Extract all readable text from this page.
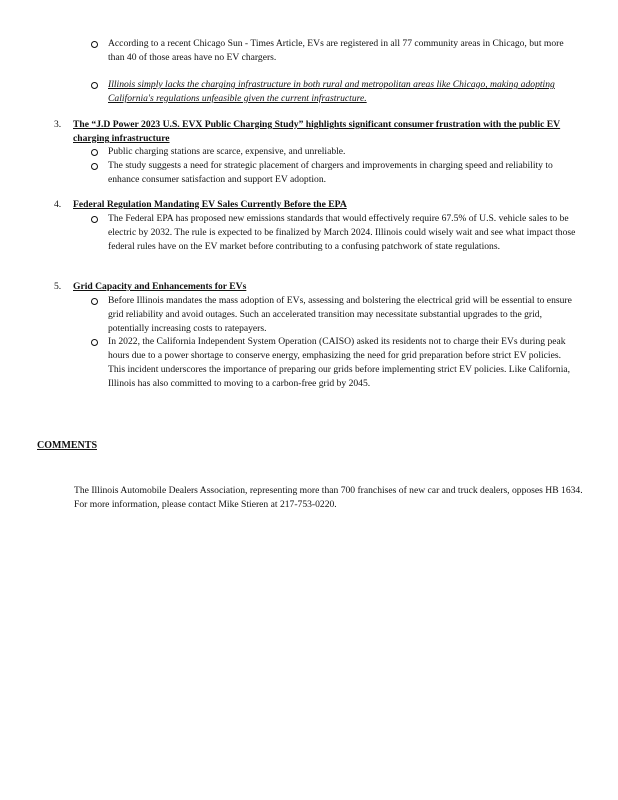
According to a recent Chicago Sun - Times Article, EVs are registered in all 77 community areas in Chicago, but more than 40 of those areas have no EV chargers.
Illinois simply lacks the charging infrastructure in both rural and metropolitan areas like Chicago, making adopting California's regulations unfeasible given the current infrastructure.
3. The “J.D Power 2023 U.S. EVX Public Charging Study” highlights significant consumer frustration with the public EV charging infrastructure
Public charging stations are scarce, expensive, and unreliable.
The study suggests a need for strategic placement of chargers and improvements in charging speed and reliability to enhance consumer satisfaction and support EV adoption.
4. Federal Regulation Mandating EV Sales Currently Before the EPA
The Federal EPA has proposed new emissions standards that would effectively require 67.5% of U.S. vehicle sales to be electric by 2032. The rule is expected to be finalized by March 2024. Illinois could wisely wait and see what impact those federal rules have on the EV market before contributing to a confusing patchwork of state regulations.
5. Grid Capacity and Enhancements for EVs
Before Illinois mandates the mass adoption of EVs, assessing and bolstering the electrical grid will be essential to ensure grid reliability and avoid outages. Such an accelerated transition may necessitate substantial upgrades to the grid, potentially increasing costs to ratepayers.
In 2022, the California Independent System Operation (CAISO) asked its residents not to charge their EVs during peak hours due to a power shortage to conserve energy, emphasizing the need for grid preparation before strict EV policies. This incident underscores the importance of preparing our grids before implementing strict EV policies. Like California, Illinois has also committed to moving to a carbon-free grid by 2045.
COMMENTS
The Illinois Automobile Dealers Association, representing more than 700 franchises of new car and truck dealers, opposes HB 1634. For more information, please contact Mike Stieren at 217-753-0220.
